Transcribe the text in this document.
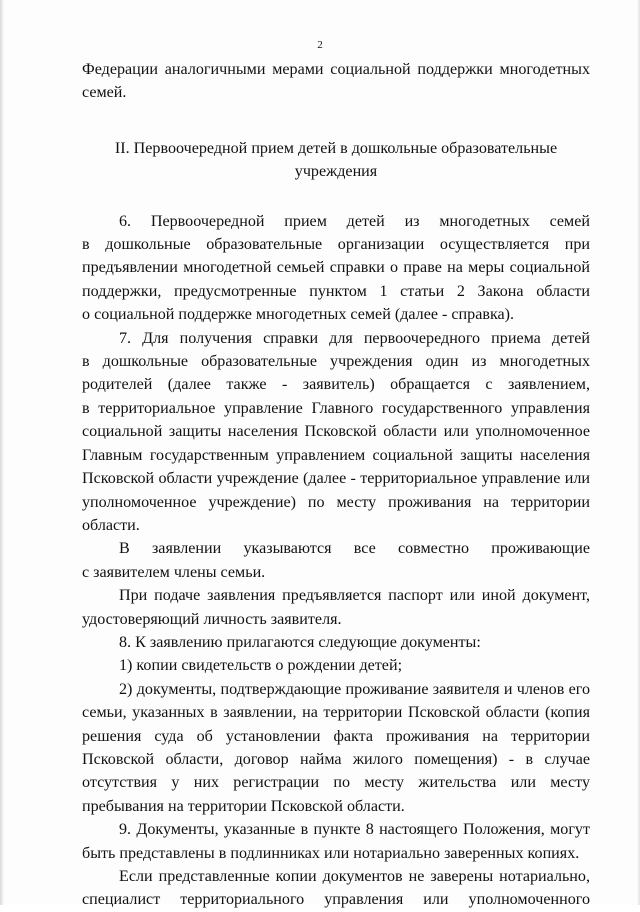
2

Федерации аналогичными мерами социальной поддержки многодетных
семей.

II. Первоочередной прием детей в дошкольные образовательные
учреждения

6. Первоочередной прием детей из многодетных семей
в дошкольные образовательные организации осуществляется при
предъявлении многодетной семьей справки о праве на меры социальной
поддержки, предусмотренные пунктом 1 статьи 2 Закона области
о социальной поддержке многодетных семей (далее - справка).

7. Для получения справки для первоочередного приема детей
в дошкольные образовательные учреждения один из многодетных
родителей (далее также - заявитель) обращается с заявлением,
в территориальное управление Главного государственного управления
социальной защиты населения Псковской области или уполномоченное
Главным государственным управлением социальной защиты населения
Псковской области учреждение (далее - территориальное управление или
уполномоченное учреждение) по месту проживания на территории
области.

В заявлении указываются все совместно проживающие
с заявителем члены семьи.

При подаче заявления предъявляется паспорт или иной документ,
удостоверяющий личность заявителя.

8. К заявлению прилагаются следующие документы:

1) копии свидетельств о рождении детей;

2) документы, подтверждающие проживание заявителя и членов его
семьи, указанных в заявлении, на территории Псковской области (копия
решения суда об установлении факта проживания на территории
Псковской области, договор найма жилого помещения) - в случае
отсутствия у них регистрации по месту жительства или месту
пребывания на территории Псковской области.

9. Документы, указанные в пункте 8 настоящего Положения, могут
быть представлены в подлинниках или нотариально заверенных копиях.

Если представленные копии документов не заверены нотариально,
специалист территориального управления или уполномоченного
